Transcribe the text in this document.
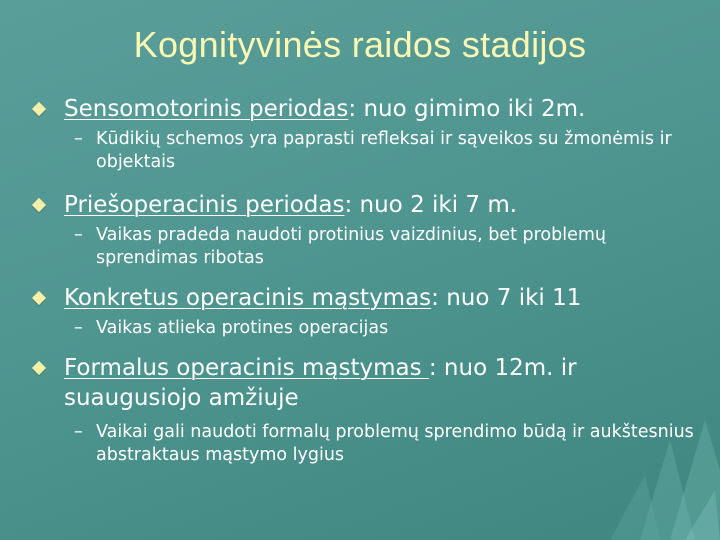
Kognityvinės raidos stadijos
Sensomotorinis periodas: nuo gimimo iki 2m.
– Kūdikių schemos yra paprasti refleksai ir sąveikos su žmonėmis ir objektais
Priešoperacinis periodas: nuo 2 iki 7 m.
– Vaikas pradeda naudoti protinius vaizdinius, bet problemų sprendimas ribotas
Konkretus operacinis mąstymas: nuo 7 iki 11
– Vaikas atlieka protines operacijas
Formalus operacinis mąstymas : nuo 12m. ir suaugusiojo amžiuje
– Vaikai gali naudoti formalų problemų sprendimo būdą ir aukštesnius abstraktaus mąstymo lygius
